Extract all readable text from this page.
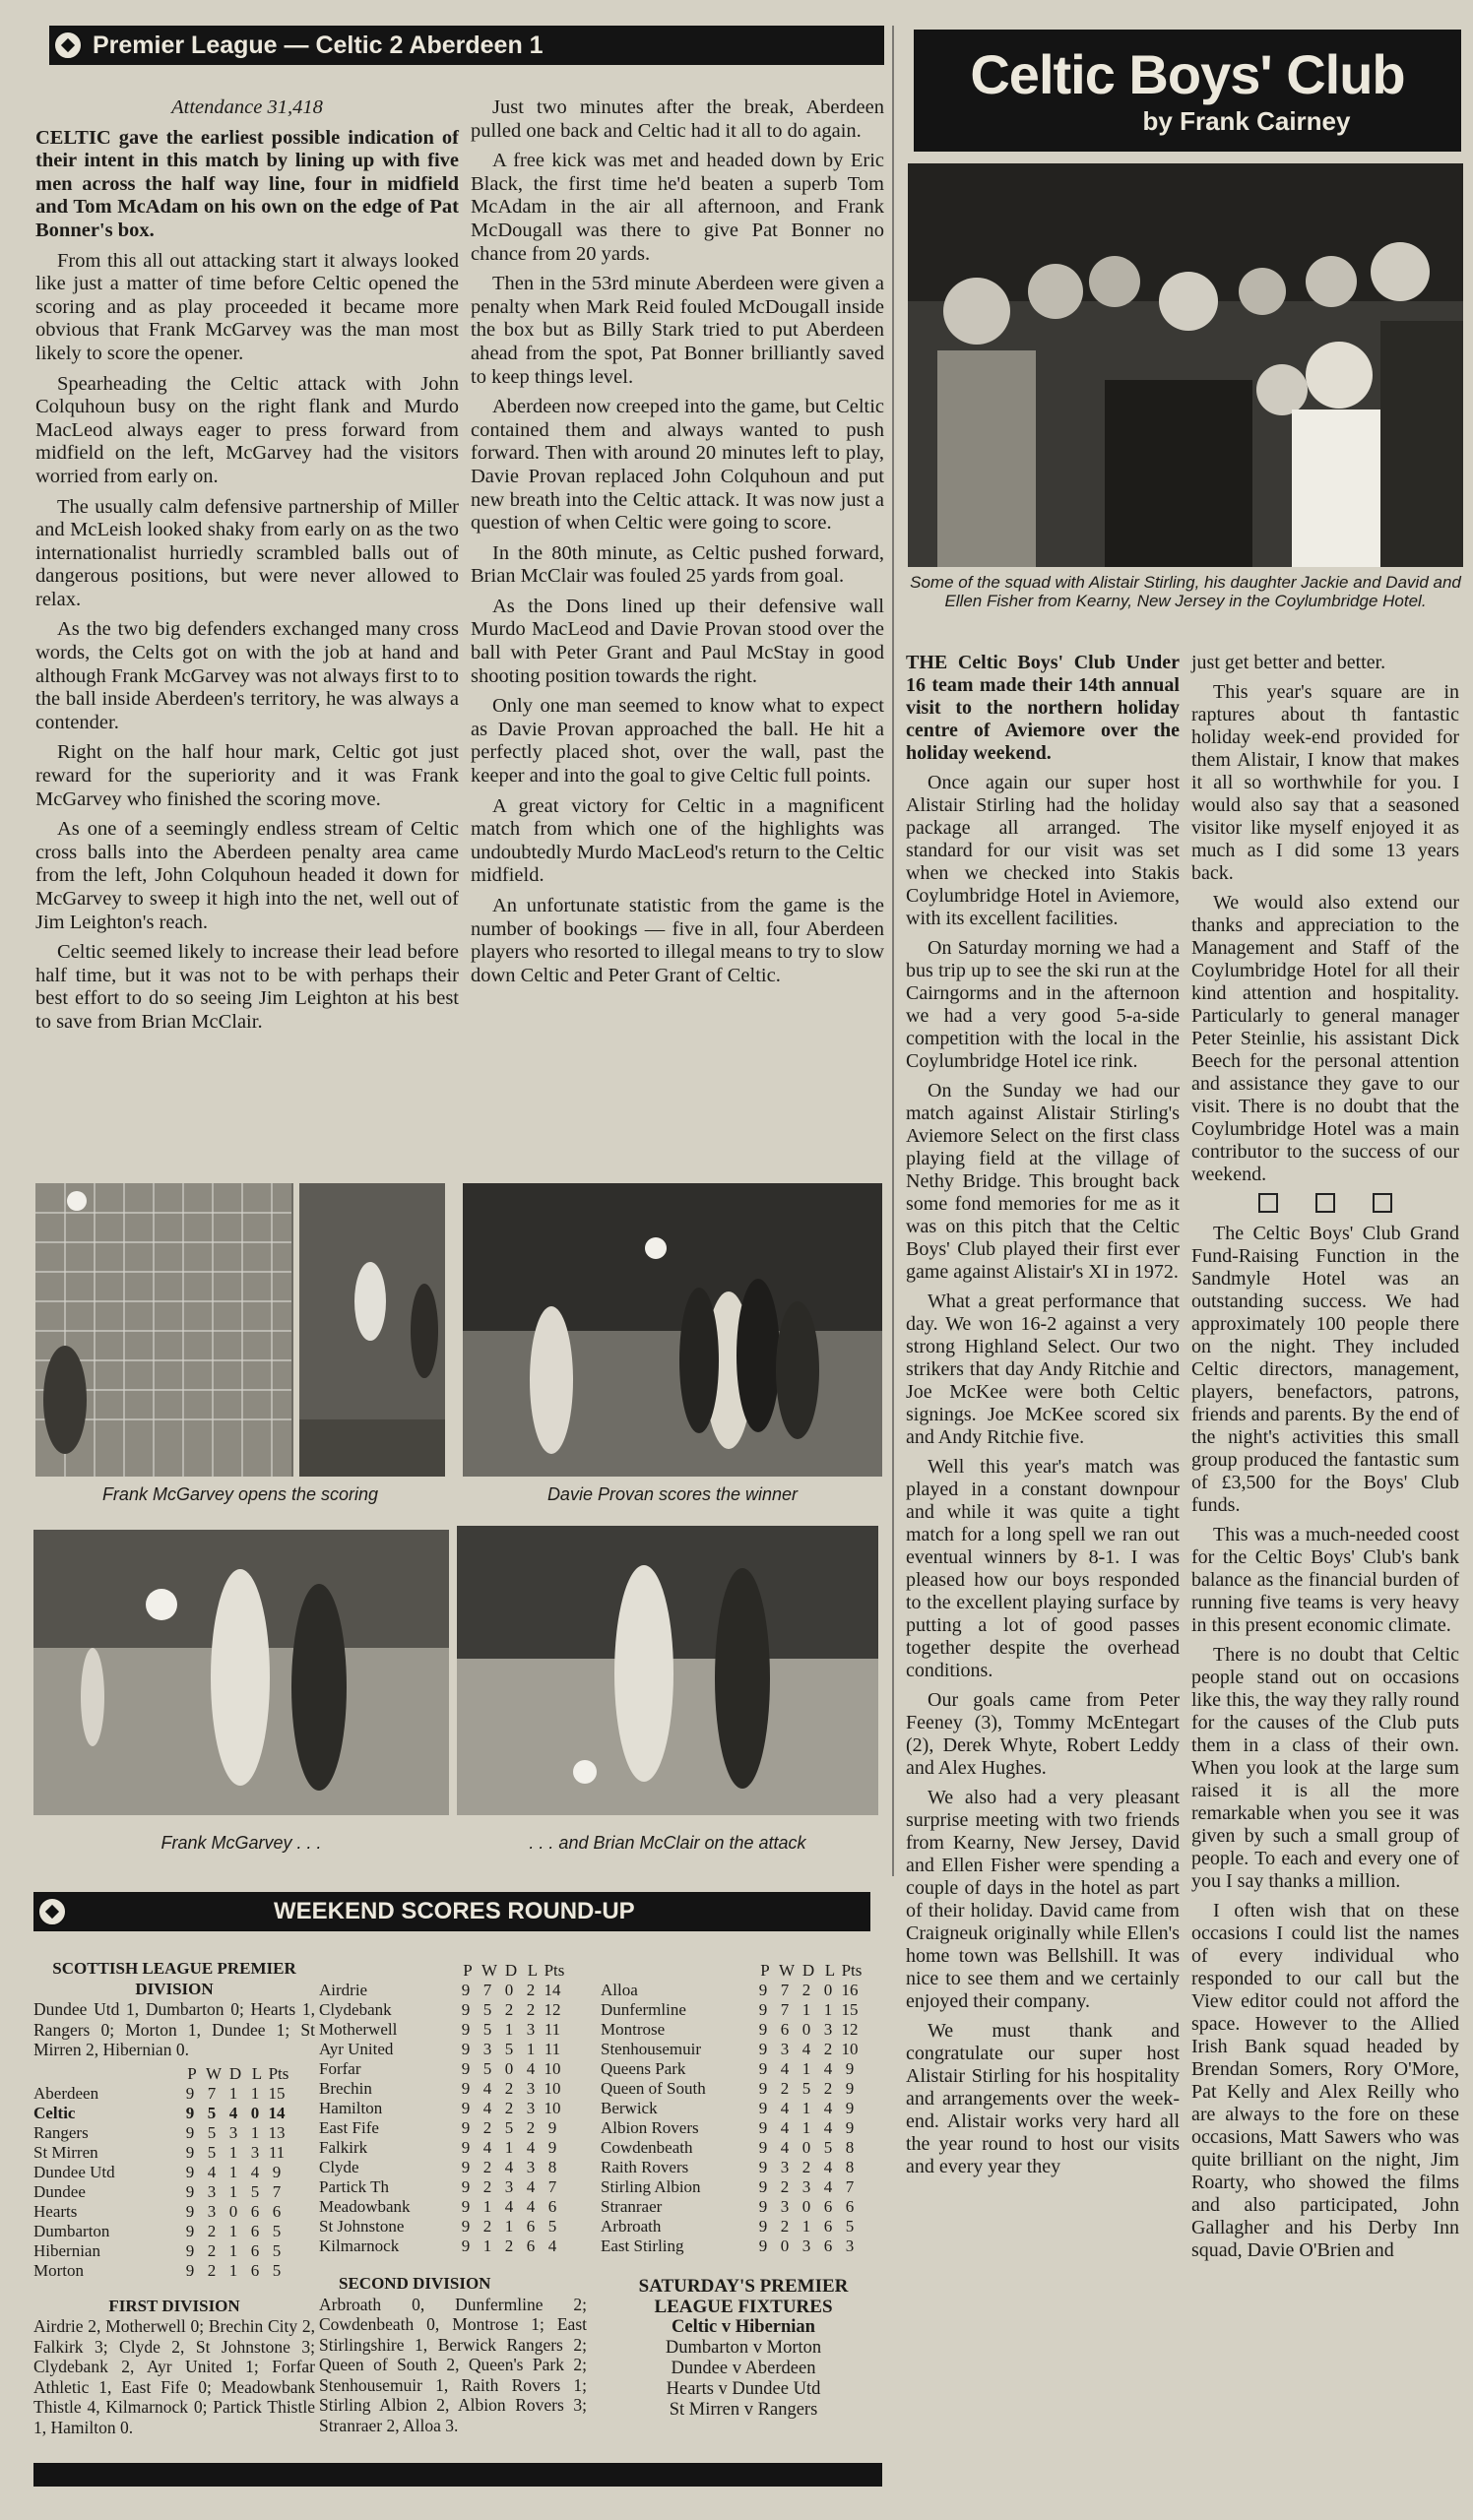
Premier League — Celtic 2 Aberdeen 1

Attendance 31,418

CELTIC gave the earliest possible indication of their intent in this match by lining up with five men across the half way line, four in midfield and Tom McAdam on his own on the edge of Pat Bonner's box.

From this all out attacking start it always looked like just a matter of time before Celtic opened the scoring and as play proceeded it became more obvious that Frank McGarvey was the man most likely to score the opener.

Spearheading the Celtic attack with John Colquhoun busy on the right flank and Murdo MacLeod always eager to press forward from midfield on the left, McGarvey had the visitors worried from early on.

The usually calm defensive partnership of Miller and McLeish looked shaky from early on as the two internationalist hurriedly scrambled balls out of dangerous positions, but were never allowed to relax.

As the two big defenders exchanged many cross words, the Celts got on with the job at hand and although Frank McGarvey was not always first to to the ball inside Aberdeen's territory, he was always a contender.

Right on the half hour mark, Celtic got just reward for the superiority and it was Frank McGarvey who finished the scoring move.

As one of a seemingly endless stream of Celtic cross balls into the Aberdeen penalty area came from the left, John Colquhoun headed it down for McGarvey to sweep it high into the net, well out of Jim Leighton's reach.

Celtic seemed likely to increase their lead before half time, but it was not to be with perhaps their best effort to do so seeing Jim Leighton at his best to save from Brian McClair.

Just two minutes after the break, Aberdeen pulled one back and Celtic had it all to do again.

A free kick was met and headed down by Eric Black, the first time he'd beaten a superb Tom McAdam in the air all afternoon, and Frank McDougall was there to give Pat Bonner no chance from 20 yards.

Then in the 53rd minute Aberdeen were given a penalty when Mark Reid fouled McDougall inside the box but as Billy Stark tried to put Aberdeen ahead from the spot, Pat Bonner brilliantly saved to keep things level.

Aberdeen now creeped into the game, but Celtic contained them and always wanted to push forward. Then with around 20 minutes left to play, Davie Provan replaced John Colquhoun and put new breath into the Celtic attack. It was now just a question of when Celtic were going to score.

In the 80th minute, as Celtic pushed forward, Brian McClair was fouled 25 yards from goal.

As the Dons lined up their defensive wall Murdo MacLeod and Davie Provan stood over the ball with Peter Grant and Paul McStay in good shooting position towards the right.

Only one man seemed to know what to expect as Davie Provan approached the ball. He hit a perfectly placed shot, over the wall, past the keeper and into the goal to give Celtic full points.

A great victory for Celtic in a magnificent match from which one of the highlights was undoubtedly Murdo MacLeod's return to the Celtic midfield.

An unfortunate statistic from the game is the number of bookings — five in all, four Aberdeen players who resorted to illegal means to try to slow down Celtic and Peter Grant of Celtic.

Frank McGarvey opens the scoring	Davie Provan scores the winner
Frank McGarvey . . .	. . . and Brian McClair on the attack
Celtic Boys' Club
by Frank Cairney
Some of the squad with Alistair Stirling, his daughter Jackie and David and Ellen Fisher from Kearny, New Jersey in the Coylumbridge Hotel.

THE Celtic Boys' Club Under 16 team made their 14th annual visit to the northern holiday centre of Aviemore over the holiday weekend.

Once again our super host Alistair Stirling had the holiday package all arranged. The standard for our visit was set when we checked into Stakis Coylumbridge Hotel in Aviemore, with its excellent facilities.

On Saturday morning we had a bus trip up to see the ski run at the Cairngorms and in the afternoon we had a very good 5-a-side competition with the local in the Coylumbridge Hotel ice rink.

On the Sunday we had our match against Alistair Stirling's Aviemore Select on the first class playing field at the village of Nethy Bridge. This brought back some fond memories for me as it was on this pitch that the Celtic Boys' Club played their first ever game against Alistair's XI in 1972.

What a great performance that day. We won 16-2 against a very strong Highland Select. Our two strikers that day Andy Ritchie and Joe McKee were both Celtic signings. Joe McKee scored six and Andy Ritchie five.

Well this year's match was played in a constant downpour and while it was quite a tight match for a long spell we ran out eventual winners by 8-1. I was pleased how our boys responded to the excellent playing surface by putting a lot of good passes together despite the overhead conditions.

Our goals came from Peter Feeney (3), Tommy McEntegart (2), Derek Whyte, Robert Leddy and Alex Hughes.

We also had a very pleasant surprise meeting with two friends from Kearny, New Jersey, David and Ellen Fisher were spending a couple of days in the hotel as part of their holiday. David came from Craigneuk originally while Ellen's home town was Bellshill. It was nice to see them and we certainly enjoyed their company.

We must thank and congratulate our super host Alistair Stirling for his hospitality and arrangements over the week-end. Alistair works very hard all the year round to host our visits and every year they

just get better and better.

This year's square are in raptures about th fantastic holiday week-end provided for them Alistair, I know that makes it all so worthwhile for you. I would also say that a seasoned visitor like myself enjoyed it as much as I did some 13 years back.

We would also extend our thanks and appreciation to the Management and Staff of the Coylumbridge Hotel for all their kind attention and hospitality. Particularly to general manager Peter Steinlie, his assistant Dick Beech for the personal attention and assistance they gave to our visit. There is no doubt that the Coylumbridge Hotel was a main contributor to the success of our weekend.

The Celtic Boys' Club Grand Fund-Raising Function in the Sandmyle Hotel was an outstanding success. We had approximately 100 people there on the night. They included Celtic directors, management, players, benefactors, patrons, friends and parents. By the end of the night's activities this small group produced the fantastic sum of £3,500 for the Boys' Club funds.

This was a much-needed coost for the Celtic Boys' Club's bank balance as the financial burden of running five teams is very heavy in this present economic climate.

There is no doubt that Celtic people stand out on occasions like this, the way they rally round for the causes of the Club puts them in a class of their own. When you look at the large sum raised it is all the more remarkable when you see it was given by such a small group of people. To each and every one of you I say thanks a million.

I often wish that on these occasions I could list the names of every individual who responded to our call but the View editor could not afford the space. However to the Allied Irish Bank squad headed by Brendan Somers, Rory O'More, Pat Kelly and Alex Reilly who are always to the fore on these occasions, Matt Sawers who was quite brilliant on the night, Jim Roarty, who showed the films and also participated, John Gallagher and his Derby Inn squad, Davie O'Brien and

WEEKEND SCORES ROUND-UP
SCOTTISH LEAGUE PREMIER DIVISION
Dundee Utd 1, Dumbarton 0; Hearts 1, Rangers 0; Morton 1, Dundee 1; St Mirren 2, Hibernian 0.
	P	W	D	L	Pts
Aberdeen	9	7	1	1	15
Celtic	9	5	4	0	14
Rangers	9	5	3	1	13
St Mirren	9	5	1	3	11
Dundee Utd	9	4	1	4	9
Dundee	9	3	1	5	7
Hearts	9	3	0	6	6
Dumbarton	9	2	1	6	5
Hibernian	9	2	1	6	5
Morton	9	2	1	6	5
FIRST DIVISION
Airdrie 2, Motherwell 0; Brechin City 2, Falkirk 3; Clyde 2, St Johnstone 3; Clydebank 2, Ayr United 1; Forfar Athletic 1, East Fife 0; Meadowbank Thistle 4, Kilmarnock 0; Partick Thistle 1, Hamilton 0.
	P	W	D	L	Pts
Airdrie	9	7	0	2	14
Clydebank	9	5	2	2	12
Motherwell	9	5	1	3	11
Ayr United	9	3	5	1	11
Forfar	9	5	0	4	10
Brechin	9	4	2	3	10
Hamilton	9	4	2	3	10
East Fife	9	2	5	2	9
Falkirk	9	4	1	4	9
Clyde	9	2	4	3	8
Partick Th	9	2	3	4	7
Meadowbank	9	1	4	4	6
St Johnstone	9	2	1	6	5
Kilmarnock	9	1	2	6	4
SECOND DIVISION
Arbroath 0, Dunfermline 2; Cowdenbeath 0, Montrose 1; East Stirlingshire 1, Berwick Rangers 2; Queen of South 2, Queen's Park 2; Stenhousemuir 1, Raith Rovers 1; Stirling Albion 2, Albion Rovers 3; Stranraer 2, Alloa 3.
	P	W	D	L	Pts
Alloa	9	7	2	0	16
Dunfermline	9	7	1	1	15
Montrose	9	6	0	3	12
Stenhousemuir	9	3	4	2	10
Queens Park	9	4	1	4	9
Queen of South	9	2	5	2	9
Berwick	9	4	1	4	9
Albion Rovers	9	4	1	4	9
Cowdenbeath	9	4	0	5	8
Raith Rovers	9	3	2	4	8
Stirling Albion	9	2	3	4	7
Stranraer	9	3	0	6	6
Arbroath	9	2	1	6	5
East Stirling	9	0	3	6	3
SATURDAY'S PREMIER LEAGUE FIXTURES
Celtic v Hibernian
Dumbarton v Morton
Dundee v Aberdeen
Hearts v Dundee Utd
St Mirren v Rangers
